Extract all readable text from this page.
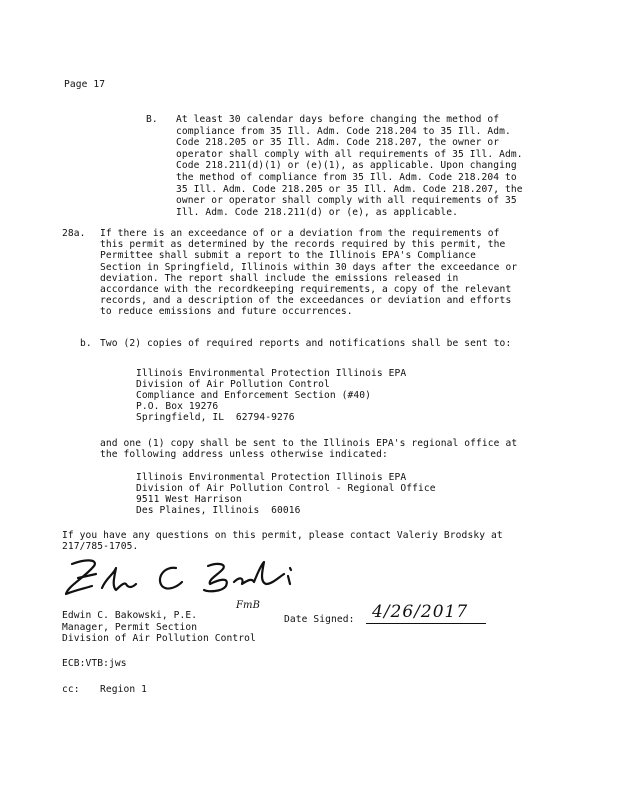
Page 17
B. At least 30 calendar days before changing the method of
compliance from 35 Ill. Adm. Code 218.204 to 35 Ill. Adm.
Code 218.205 or 35 Ill. Adm. Code 218.207, the owner or
operator shall comply with all requirements of 35 Ill. Adm.
Code 218.211(d)(1) or (e)(1), as applicable. Upon changing
the method of compliance from 35 Ill. Adm. Code 218.204 to
35 Ill. Adm. Code 218.205 or 35 Ill. Adm. Code 218.207, the
owner or operator shall comply with all requirements of 35
Ill. Adm. Code 218.211(d) or (e), as applicable.
28a. If there is an exceedance of or a deviation from the requirements of
this permit as determined by the records required by this permit, the
Permittee shall submit a report to the Illinois EPA's Compliance
Section in Springfield, Illinois within 30 days after the exceedance or
deviation. The report shall include the emissions released in
accordance with the recordkeeping requirements, a copy of the relevant
records, and a description of the exceedances or deviation and efforts
to reduce emissions and future occurrences.
b. Two (2) copies of required reports and notifications shall be sent to:
Illinois Environmental Protection Illinois EPA
Division of Air Pollution Control
Compliance and Enforcement Section (#40)
P.O. Box 19276
Springfield, IL  62794-9276
and one (1) copy shall be sent to the Illinois EPA's regional office at
the following address unless otherwise indicated:
Illinois Environmental Protection Illinois EPA
Division of Air Pollution Control - Regional Office
9511 West Harrison
Des Plaines, Illinois  60016
If you have any questions on this permit, please contact Valeriy Brodsky at
217/785-1705.
FmB
Date Signed: 4/26/2017
Edwin C. Bakowski, P.E.
Manager, Permit Section
Division of Air Pollution Control
ECB:VTB:jws
cc: Region 1
